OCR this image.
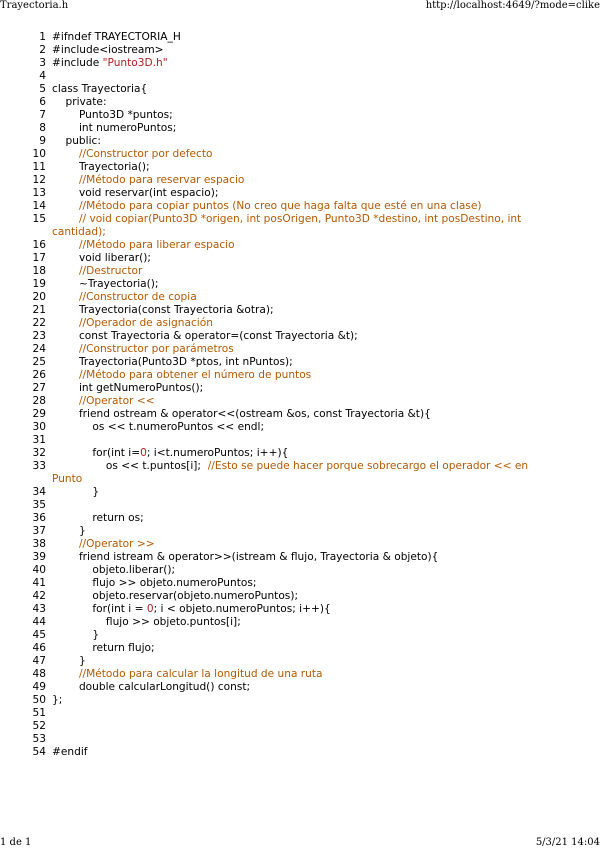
Trayectoria.h	http://localhost:4649/?mode=clike
1 #ifndef TRAYECTORIA_H
2 #include<iostream>
3 #include "Punto3D.h"
4
5 class Trayectoria{
6 private:
7 Punto3D *puntos;
8 int numeroPuntos;
9 public:
10	//Constructor por defecto
11 Trayectoria();
12	//Método para reservar espacio
13 void reservar(int espacio);
14	//Método para copiar puntos (No creo que haga falta que esté en una clase)
15	// void copiar(Punto3D *origen, int posOrigen, Punto3D *destino, int posDestino, int cantidad);
16	//Método para liberar espacio
17 void liberar();
18	//Destructor
19 ~Trayectoria();
20	//Constructor de copia
21 Trayectoria(const Trayectoria &otra);
22	//Operador de asignación
23 const Trayectoria & operator=(const Trayectoria &t);
24	//Constructor por parámetros
25 Trayectoria(Punto3D *ptos, int nPuntos);
26	//Método para obtener el número de puntos
27 int getNumeroPuntos();
28	//Operator <<
29 friend ostream & operator<<(ostream &os, const Trayectoria &t){
30 os << t.numeroPuntos << endl;
31
32 for(int i=0; i<t.numeroPuntos; i++){
33 os << t.puntos[i];  //Esto se puede hacer porque sobrecargo el operador << en Punto
34 }
35
36 return os;
37 }
38	//Operator >>
39 friend istream & operator>>(istream & flujo, Trayectoria & objeto){
40 objeto.liberar();
41 flujo >> objeto.numeroPuntos;
42 objeto.reservar(objeto.numeroPuntos);
43 for(int i = 0; i < objeto.numeroPuntos; i++){
44 flujo >> objeto.puntos[i];
45 }
46 return flujo;
47 }
48	//Método para calcular la longitud de una ruta
49 double calcularLongitud() const;
50 };
51
52
53
54 #endif
1 de 1	5/3/21 14:04
